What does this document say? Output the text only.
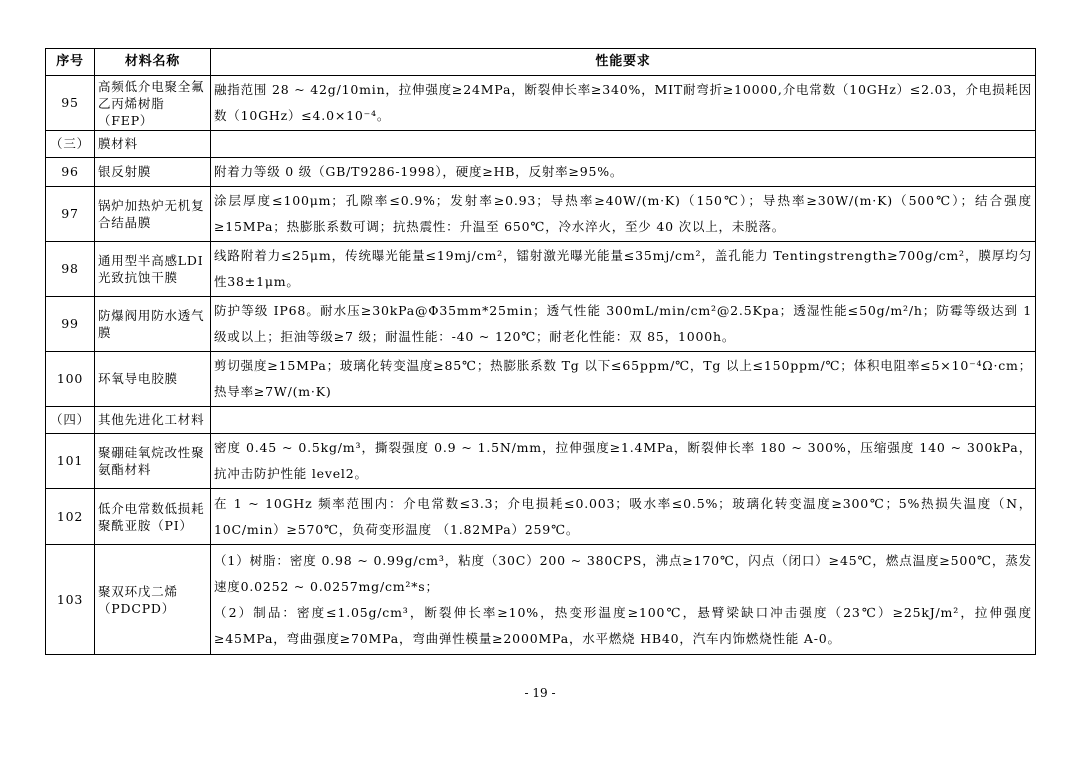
序号	材料名称	性能要求
95	高频低介电聚全氟乙丙烯树脂（FEP）	融指范围 28 ~ 42g/10min，拉伸强度≥24MPa，断裂伸长率≥340%，MIT耐弯折≥10000,介电常数（10GHz）≤2.03，介电损耗因数（10GHz）≤4.0×10⁻⁴。

（三）	膜材料	
96	银反射膜	附着力等级 0 级（GB/T9286-1998），硬度≥HB，反射率≥95%。

97	锅炉加热炉无机复合结晶膜	涂层厚度≤100μm；孔隙率≤0.9%；发射率≥0.93；导热率≥40W/(m·K)（150℃）；导热率≥30W/(m·K)（500℃）；结合强度≥15MPa；热膨胀系数可调；抗热震性：升温至 650℃，冷水淬火，至少 40 次以上，未脱落。

98	通用型半高感LDI光致抗蚀干膜	线路附着力≤25μm，传统曝光能量≤19mj/cm²，镭射激光曝光能量≤35mj/cm²，盖孔能力 Tentingstrength≥700g/cm²，膜厚均匀性38±1μm。

99	防爆阀用防水透气膜	防护等级 IP68。耐水压≥30kPa@Φ35mm*25min；透气性能 300mL/min/cm²@2.5Kpa；透湿性能≤50g/m²/h；防霉等级达到 1 级或以上；拒油等级≥7 级；耐温性能：-40 ~ 120℃；耐老化性能：双 85，1000h。

100	环氧导电胶膜	剪切强度≥15MPa；玻璃化转变温度≥85℃；热膨胀系数 Tg 以下≤65ppm/℃，Tg 以上≤150ppm/℃；体积电阻率≤5×10⁻⁴Ω·cm；热导率≥7W/(m·K)

（四）	其他先进化工材料	
101	聚硼硅氧烷改性聚氨酯材料	密度 0.45 ~ 0.5kg/m³，撕裂强度 0.9 ~ 1.5N/mm，拉伸强度≥1.4MPa，断裂伸长率 180 ~ 300%，压缩强度 140 ~ 300kPa，抗冲击防护性能 level2。

102	低介电常数低损耗聚酰亚胺（PI）	在 1 ~ 10GHz 频率范围内：介电常数≤3.3；介电损耗≤0.003；吸水率≤0.5%；玻璃化转变温度≥300℃；5%热损失温度（N，10C/min）≥570℃，负荷变形温度 （1.82MPa）259℃。

103	聚双环戊二烯（PDCPD）	（1）树脂：密度 0.98 ~ 0.99g/cm³，粘度（30C）200 ~ 380CPS，沸点≥170℃，闪点（闭口）≥45℃，燃点温度≥500℃，蒸发速度0.0252 ~ 0.0257mg/cm²*s；
（2）制品：密度≤1.05g/cm³，断裂伸长率≥10%，热变形温度≥100℃，悬臂梁缺口冲击强度（23℃）≥25kJ/m²，拉伸强度≥45MPa，弯曲强度≥70MPa，弯曲弹性模量≥2000MPa，水平燃烧 HB40，汽车内饰燃烧性能 A-0。
- 19 -
